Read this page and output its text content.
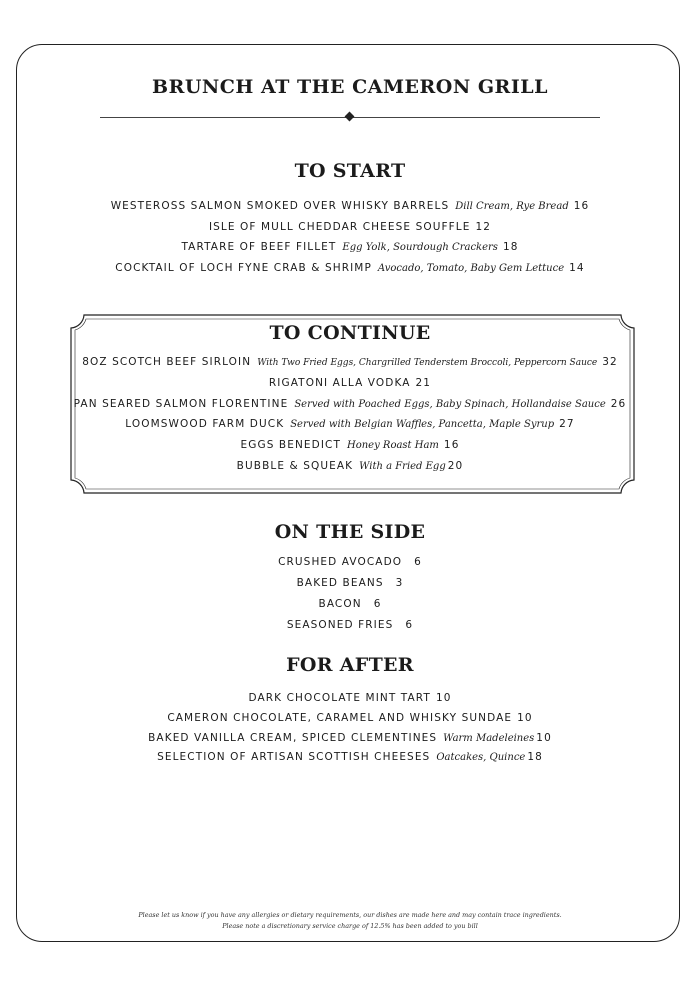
BRUNCH AT THE CAMERON GRILL
TO START
WESTEROSS SALMON SMOKED OVER WHISKY BARRELS Dill Cream, Rye Bread 16
ISLE OF MULL CHEDDAR CHEESE SOUFFLE 12
TARTARE OF BEEF FILLET Egg Yolk, Sourdough Crackers 18
COCKTAIL OF LOCH FYNE CRAB & SHRIMP Avocado, Tomato, Baby Gem Lettuce 14
TO CONTINUE
8OZ SCOTCH BEEF SIRLOIN With Two Fried Eggs, Chargrilled Tenderstem Broccoli, Peppercorn Sauce 32
RIGATONI ALLA VODKA 21
PAN SEARED SALMON FLORENTINE Served with Poached Eggs, Baby Spinach, Hollandaise Sauce 26
LOOMSWOOD FARM DUCK Served with Belgian Waffles, Pancetta, Maple Syrup 27
EGGS BENEDICT Honey Roast Ham 16
BUBBLE & SQUEAK With a Fried Egg 20
ON THE SIDE
CRUSHED AVOCADO 6
BAKED BEANS 3
BACON 6
SEASONED FRIES 6
FOR AFTER
DARK CHOCOLATE MINT TART 10
CAMERON CHOCOLATE, CARAMEL AND WHISKY SUNDAE 10
BAKED VANILLA CREAM, SPICED CLEMENTINES Warm Madeleines 10
SELECTION OF ARTISAN SCOTTISH CHEESES Oatcakes, Quince 18
Please let us know if you have any allergies or dietary requirements, our dishes are made here and may contain trace ingredients.
Please note a discretionary service charge of 12.5% has been added to you bill
